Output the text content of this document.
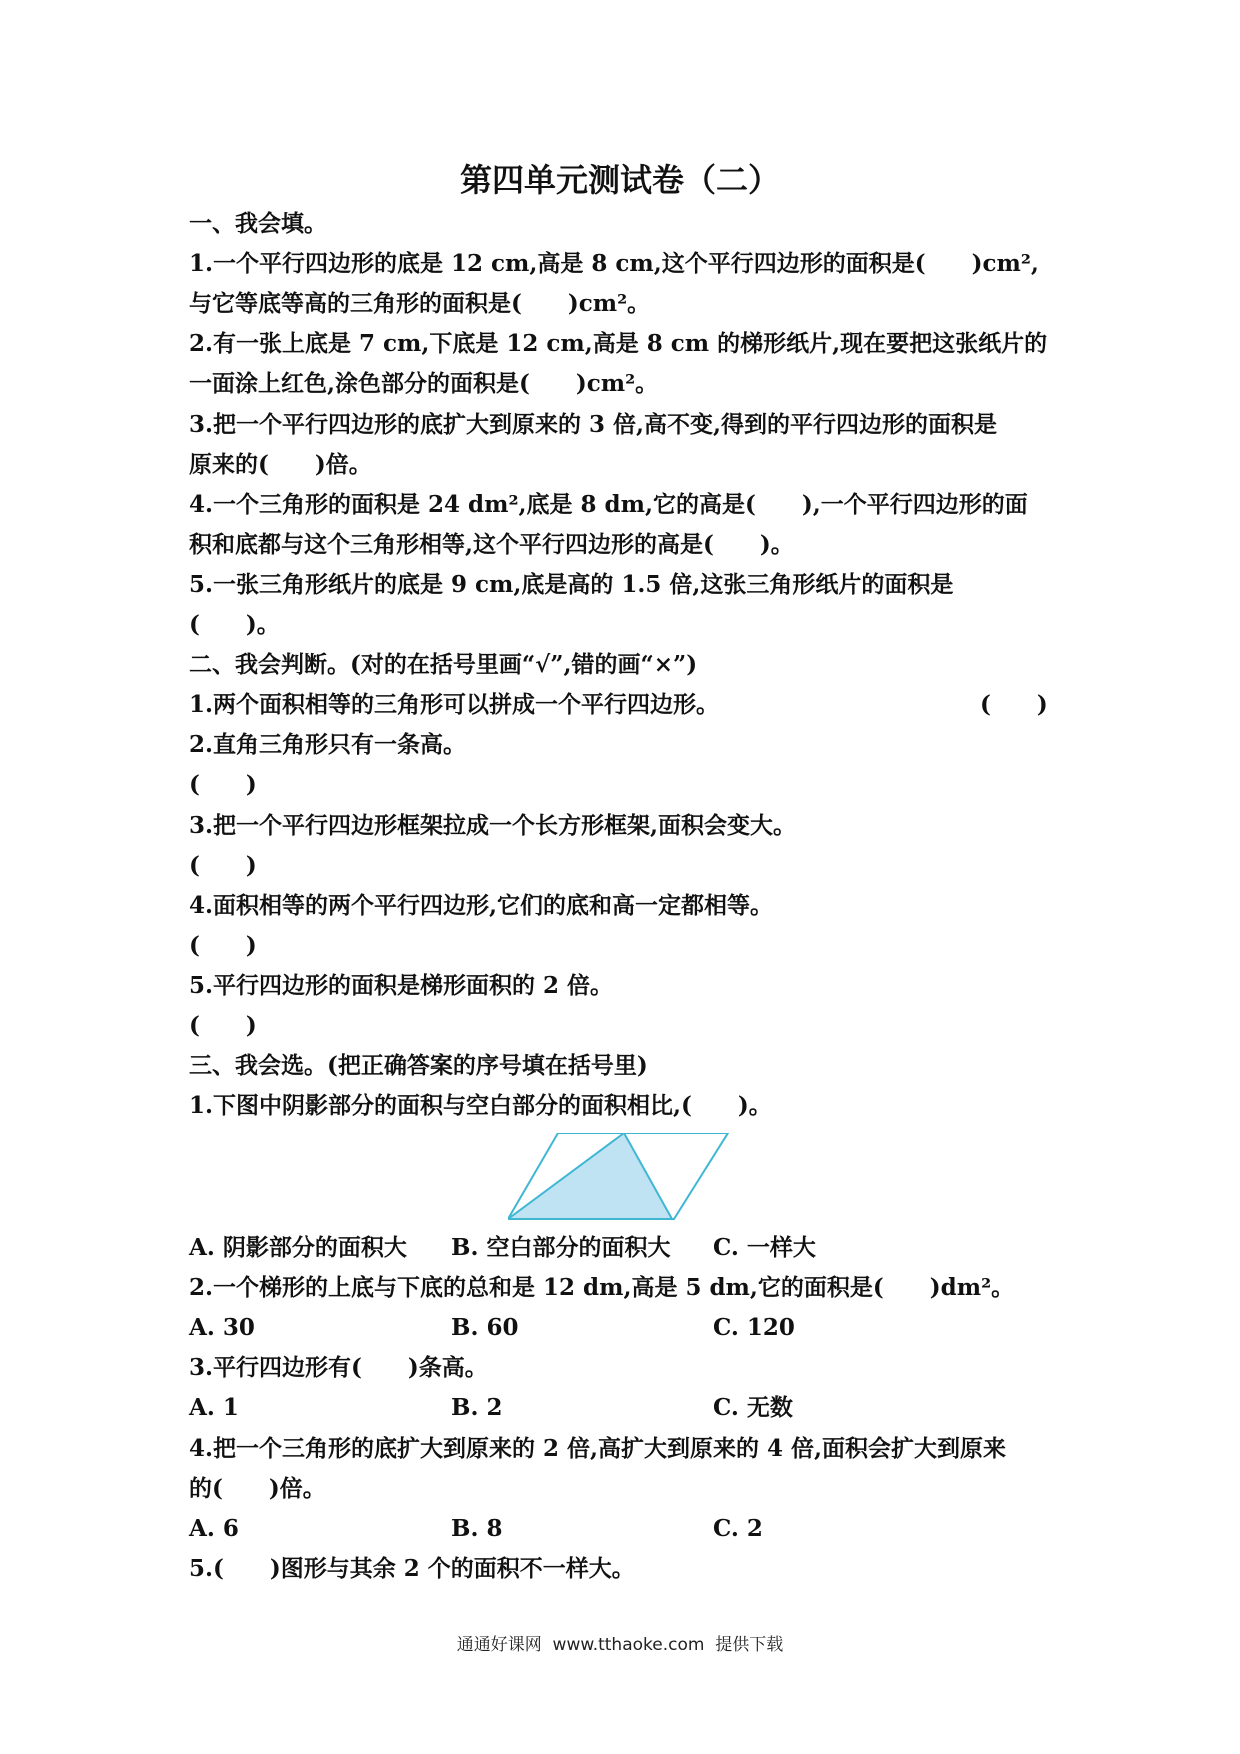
第四单元测试卷（二）
一、我会填。
1.一个平行四边形的底是 12 cm,高是 8 cm,这个平行四边形的面积是(　　)cm²,
与它等底等高的三角形的面积是(　　)cm²。
2.有一张上底是 7 cm,下底是 12 cm,高是 8 cm 的梯形纸片,现在要把这张纸片的
一面涂上红色,涂色部分的面积是(　　)cm²。
3.把一个平行四边形的底扩大到原来的 3 倍,高不变,得到的平行四边形的面积是
原来的(　　)倍。
4.一个三角形的面积是 24 dm²,底是 8 dm,它的高是(　　),一个平行四边形的面
积和底都与这个三角形相等,这个平行四边形的高是(　　)。
5.一张三角形纸片的底是 9 cm,底是高的 1.5 倍,这张三角形纸片的面积是
(　　)。
二、我会判断。(对的在括号里画“√”,错的画“×”)
1.两个面积相等的三角形可以拼成一个平行四边形。	(　　)
2.直角三角形只有一条高。
(　　)
3.把一个平行四边形框架拉成一个长方形框架,面积会变大。
(　　)
4.面积相等的两个平行四边形,它们的底和高一定都相等。
(　　)
5.平行四边形的面积是梯形面积的 2 倍。
(　　)
三、我会选。(把正确答案的序号填在括号里)
1.下图中阴影部分的面积与空白部分的面积相比,(　　)。
A. 阴影部分的面积大 B. 空白部分的面积大 C. 一样大
2.一个梯形的上底与下底的总和是 12 dm,高是 5 dm,它的面积是(　　)dm²。
A. 30	B. 60	C. 120
3.平行四边形有(　　)条高。
A. 1	B. 2	C. 无数
4.把一个三角形的底扩大到原来的 2 倍,高扩大到原来的 4 倍,面积会扩大到原来
的(　　)倍。
A. 6	B. 8	C. 2
5.(　　)图形与其余 2 个的面积不一样大。
通通好课网  www.tthaoke.com  提供下载
